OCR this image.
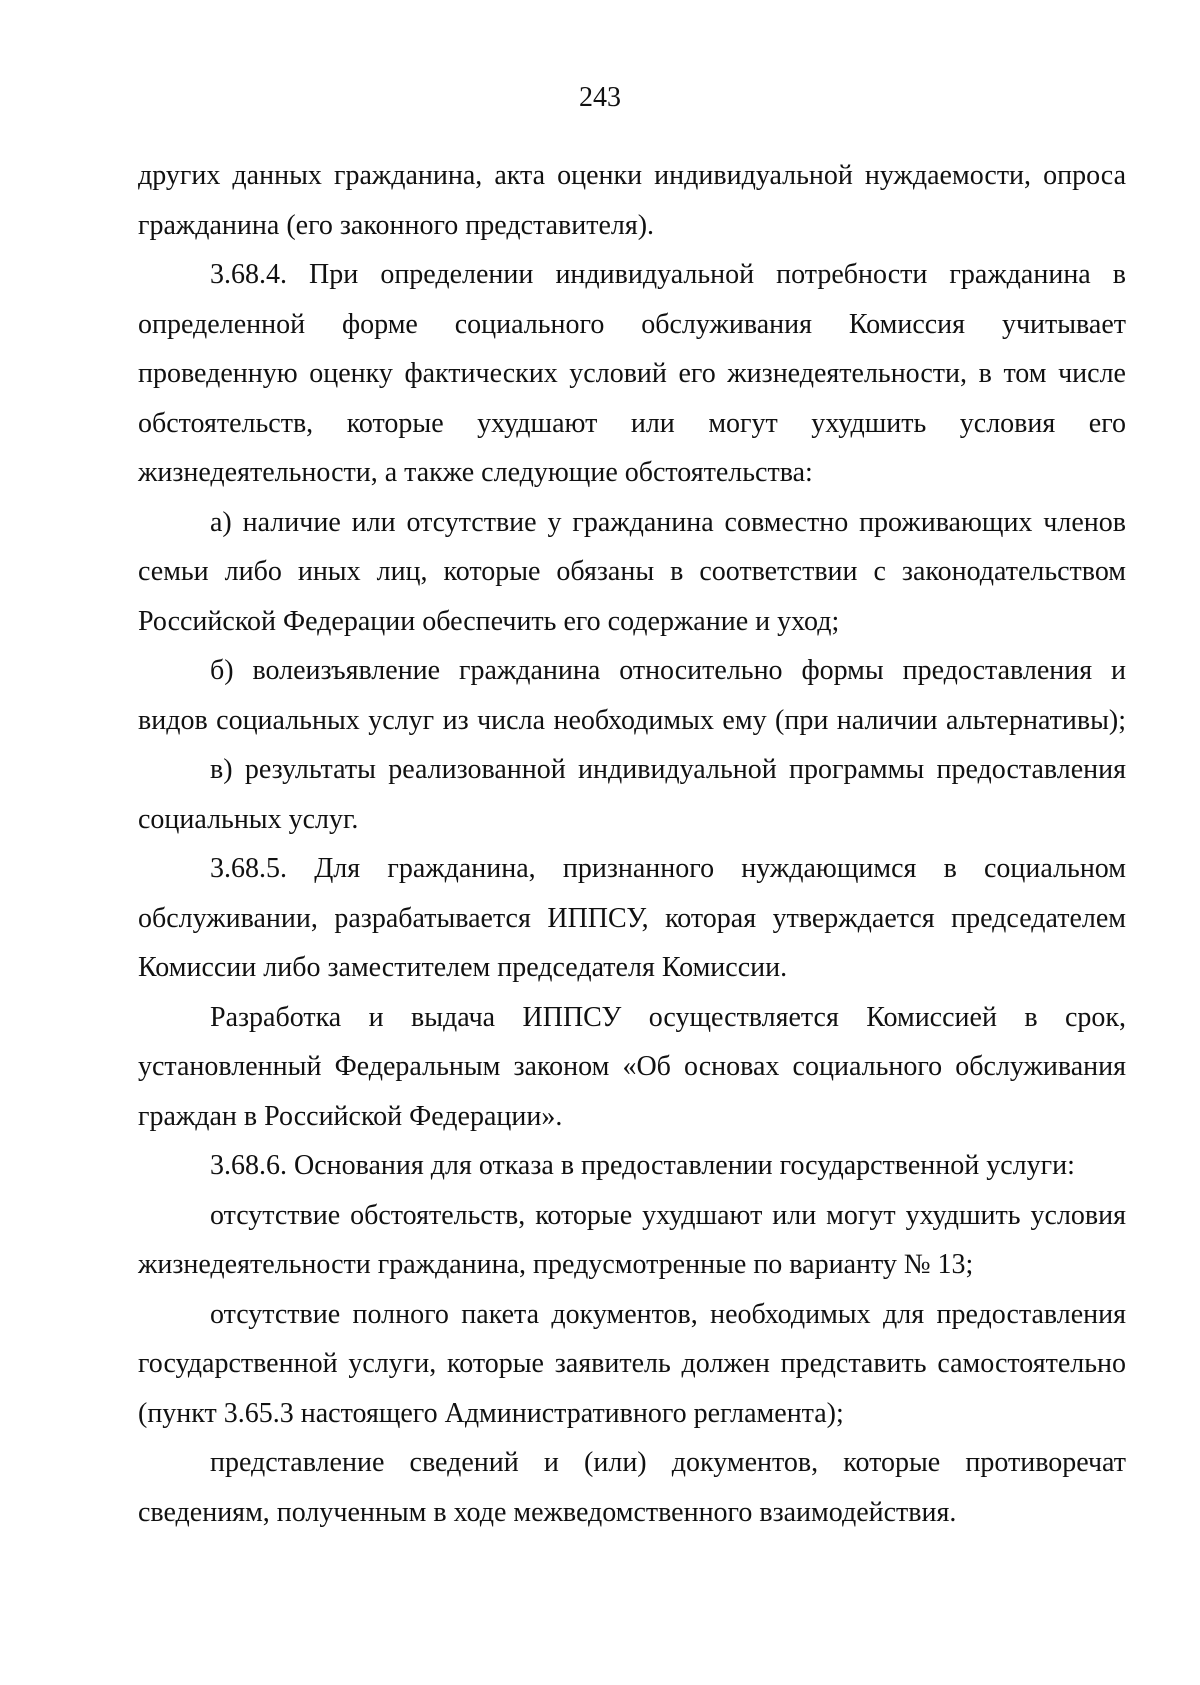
243

других данных гражданина, акта оценки индивидуальной нуждаемости, опроса гражданина (его законного представителя).

3.68.4. При определении индивидуальной потребности гражданина в определенной форме социального обслуживания Комиссия учитывает проведенную оценку фактических условий его жизнедеятельности, в том числе обстоятельств, которые ухудшают или могут ухудшить условия его жизнедеятельности, а также следующие обстоятельства:

а) наличие или отсутствие у гражданина совместно проживающих членов семьи либо иных лиц, которые обязаны в соответствии с законодательством Российской Федерации обеспечить его содержание и уход;

б) волеизъявление гражданина относительно формы предоставления и видов социальных услуг из числа необходимых ему (при наличии альтернативы);

в) результаты реализованной индивидуальной программы предоставления социальных услуг.

3.68.5. Для гражданина, признанного нуждающимся в социальном обслуживании, разрабатывается ИППСУ, которая утверждается председателем Комиссии либо заместителем председателя Комиссии.

Разработка и выдача ИППСУ осуществляется Комиссией в срок, установленный Федеральным законом «Об основах социального обслуживания граждан в Российской Федерации».

3.68.6. Основания для отказа в предоставлении государственной услуги:

отсутствие обстоятельств, которые ухудшают или могут ухудшить условия жизнедеятельности гражданина, предусмотренные по варианту № 13;

отсутствие полного пакета документов, необходимых для предоставления государственной услуги, которые заявитель должен представить самостоятельно (пункт 3.65.3 настоящего Административного регламента);

представление сведений и (или) документов, которые противоречат сведениям, полученным в ходе межведомственного взаимодействия.
